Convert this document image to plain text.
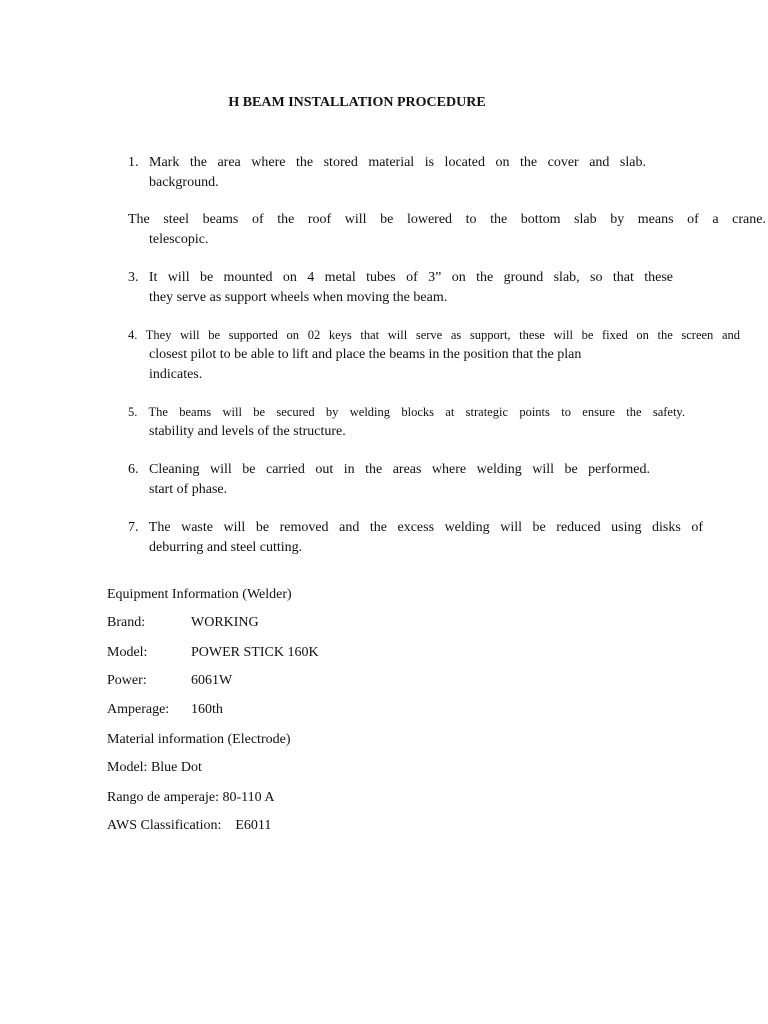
H BEAM INSTALLATION PROCEDURE
1. Mark the area where the stored material is located on the cover and slab.
background.
The steel beams of the roof will be lowered to the bottom slab by means of a crane.
telescopic.
3. It will be mounted on 4 metal tubes of 3” on the ground slab, so that these
they serve as support wheels when moving the beam.
4. They will be supported on 02 keys that will serve as support, these will be fixed on the screen and
closest pilot to be able to lift and place the beams in the position that the plan
indicates.
5. The beams will be secured by welding blocks at strategic points to ensure the safety.
stability and levels of the structure.
6. Cleaning will be carried out in the areas where welding will be performed.
start of phase.
7. The waste will be removed and the excess welding will be reduced using disks of
deburring and steel cutting.
Equipment Information (Welder)
Brand:	WORKING
Model:	POWER STICK 160K
Power:	6061W
Amperage: 160th
Material information (Electrode)
Model: Blue Dot
Rango de amperaje: 80-110 A
AWS Classification: E6011
